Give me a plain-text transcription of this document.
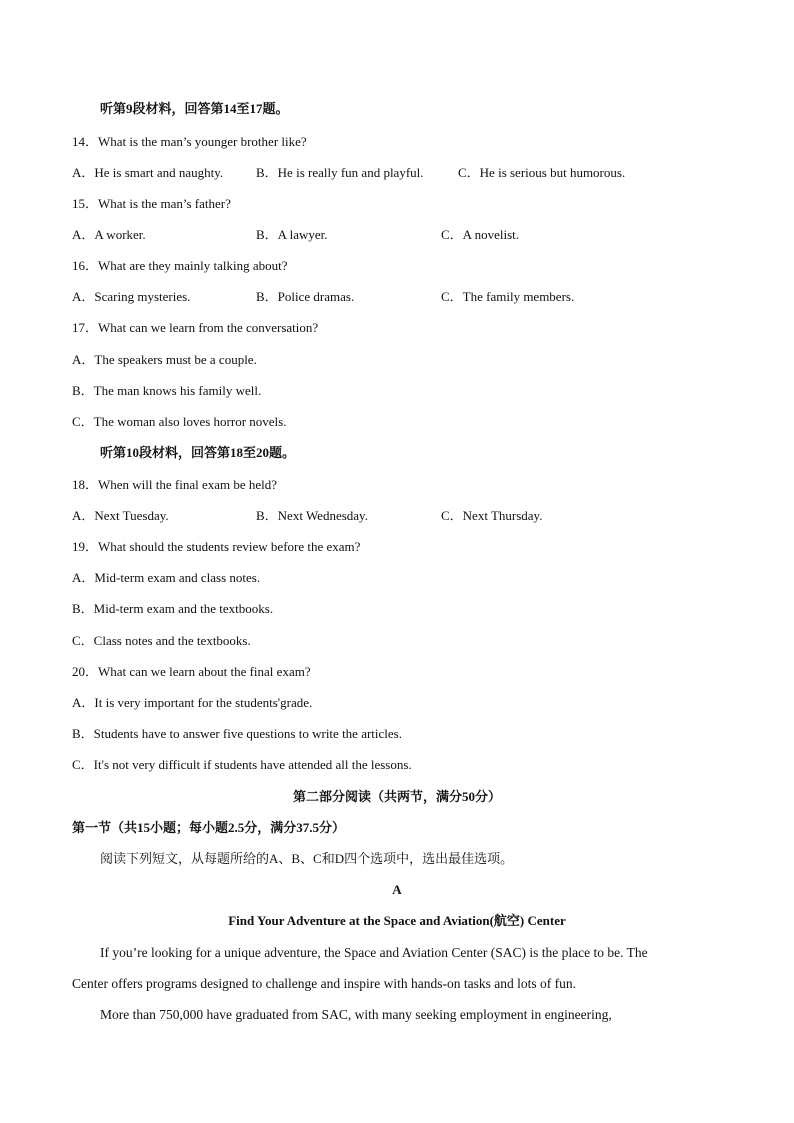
听第9段材料，回答第14至17题。
14．What is the man’s younger brother like?
A．He is smart and naughty.	B．He is really fun and playful.	C．He is serious but humorous.
15．What is the man’s father?
A．A worker.	B．A lawyer.	C．A novelist.
16．What are they mainly talking about?
A．Scaring mysteries.	B．Police dramas.	C．The family members.
17．What can we learn from the conversation?
A．The speakers must be a couple.
B．The man knows his family well.
C．The woman also loves horror novels.
听第10段材料，回答第18至20题。
18．When will the final exam be held?
A．Next Tuesday.	B．Next Wednesday.	C．Next Thursday.
19．What should the students review before the exam?
A．Mid-term exam and class notes.
B．Mid-term exam and the textbooks.
C．Class notes and the textbooks.
20．What can we learn about the final exam?
A．It is very important for the students'grade.
B．Students have to answer five questions to write the articles.
C．It's not very difficult if students have attended all the lessons.
第二部分阅读（共两节，满分50分）
第一节（共15小题；每小题2.5分，满分37.5分）
阅读下列短文，从每题所给的A、B、C和D四个选项中，选出最佳选项。
A
Find Your Adventure at the Space and Aviation(航空) Center
If you’re looking for a unique adventure, the Space and Aviation Center (SAC) is the place to be. The
Center offers programs designed to challenge and inspire with hands-on tasks and lots of fun.
More than 750,000 have graduated from SAC, with many seeking employment in engineering,
